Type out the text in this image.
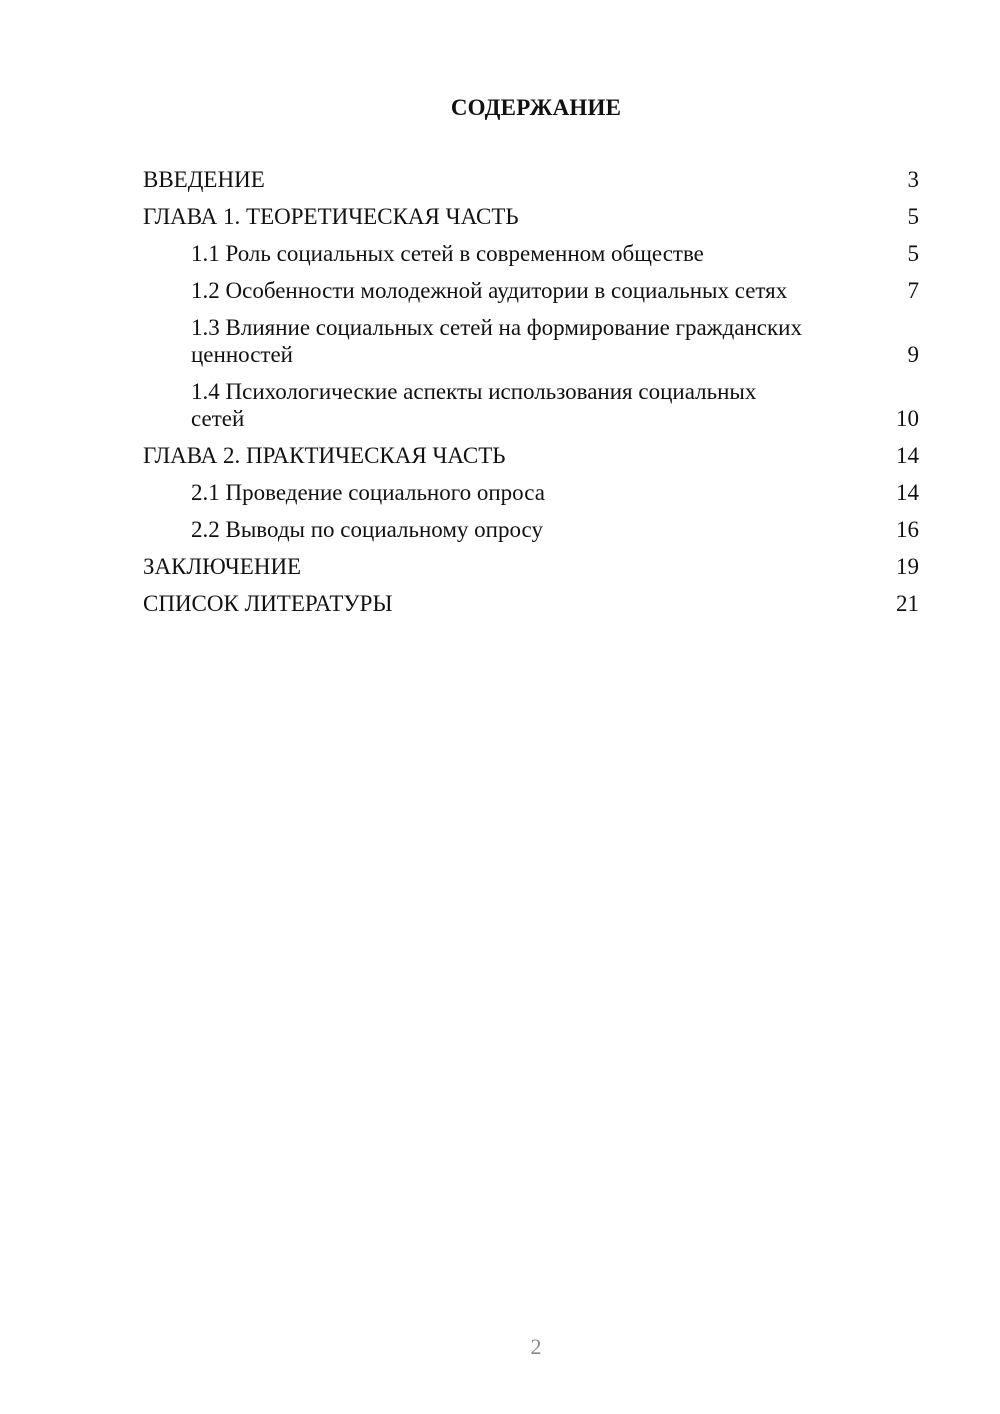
СОДЕРЖАНИЕ
ВВЕДЕНИЕ	3
ГЛАВА 1. ТЕОРЕТИЧЕСКАЯ ЧАСТЬ	5
1.1 Роль социальных сетей в современном обществе	5
1.2 Особенности молодежной аудитории в социальных сетях	7
1.3 Влияние социальных сетей на формирование гражданских ценностей	9
1.4 Психологические аспекты использования социальных сетей	10
ГЛАВА 2. ПРАКТИЧЕСКАЯ ЧАСТЬ	14
2.1 Проведение социального опроса	14
2.2 Выводы по социальному опросу	16
ЗАКЛЮЧЕНИЕ	19
СПИСОК ЛИТЕРАТУРЫ	21
2
